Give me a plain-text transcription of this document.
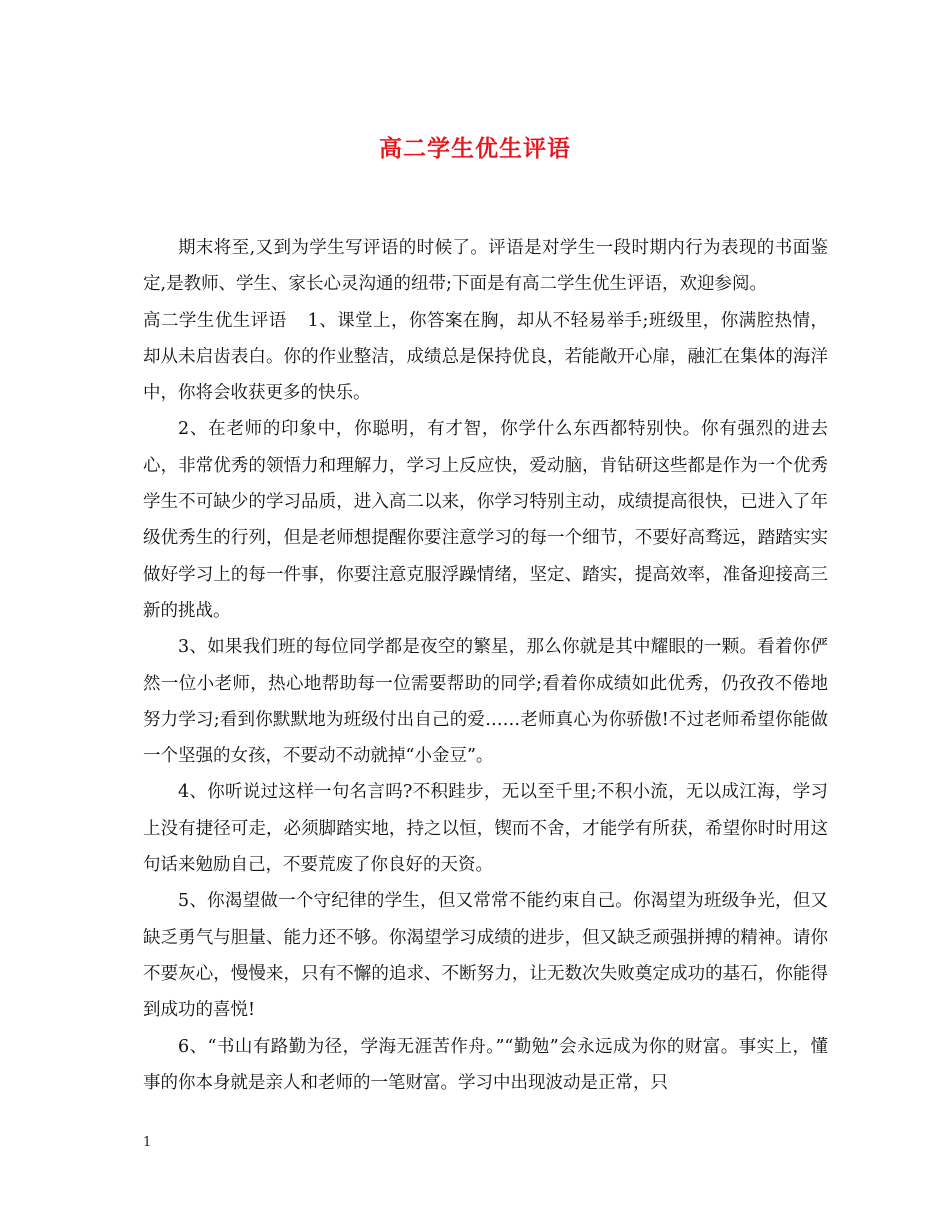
高二学生优生评语

期末将至,又到为学生写评语的时候了。评语是对学生一段时期内行为表现的书面鉴定,是教师、学生、家长心灵沟通的纽带;下面是有高二学生优生评语，欢迎参阅。

高二学生优生评语 1、课堂上，你答案在胸，却从不轻易举手;班级里，你满腔热情，却从未启齿表白。你的作业整洁，成绩总是保持优良，若能敞开心扉，融汇在集体的海洋中，你将会收获更多的快乐。

2、在老师的印象中，你聪明，有才智，你学什么东西都特别快。你有强烈的进去心，非常优秀的领悟力和理解力，学习上反应快，爱动脑，肯钻研这些都是作为一个优秀学生不可缺少的学习品质，进入高二以来，你学习特别主动，成绩提高很快，已进入了年级优秀生的行列，但是老师想提醒你要注意学习的每一个细节，不要好高骛远，踏踏实实做好学习上的每一件事，你要注意克服浮躁情绪，坚定、踏实，提高效率，准备迎接高三新的挑战。

3、如果我们班的每位同学都是夜空的繁星，那么你就是其中耀眼的一颗。看着你俨然一位小老师，热心地帮助每一位需要帮助的同学;看着你成绩如此优秀，仍孜孜不倦地努力学习;看到你默默地为班级付出自己的爱……老师真心为你骄傲!不过老师希望你能做一个坚强的女孩，不要动不动就掉“小金豆”。

4、你听说过这样一句名言吗?不积跬步，无以至千里;不积小流，无以成江海，学习上没有捷径可走，必须脚踏实地，持之以恒，锲而不舍，才能学有所获，希望你时时用这句话来勉励自己，不要荒废了你良好的天资。

5、你渴望做一个守纪律的学生，但又常常不能约束自己。你渴望为班级争光，但又缺乏勇气与胆量、能力还不够。你渴望学习成绩的进步，但又缺乏顽强拼搏的精神。请你不要灰心，慢慢来，只有不懈的追求、不断努力，让无数次失败奠定成功的基石，你能得到成功的喜悦!

6、“书山有路勤为径，学海无涯苦作舟。”“勤勉”会永远成为你的财富。事实上，懂事的你本身就是亲人和老师的一笔财富。学习中出现波动是正常，只

1
